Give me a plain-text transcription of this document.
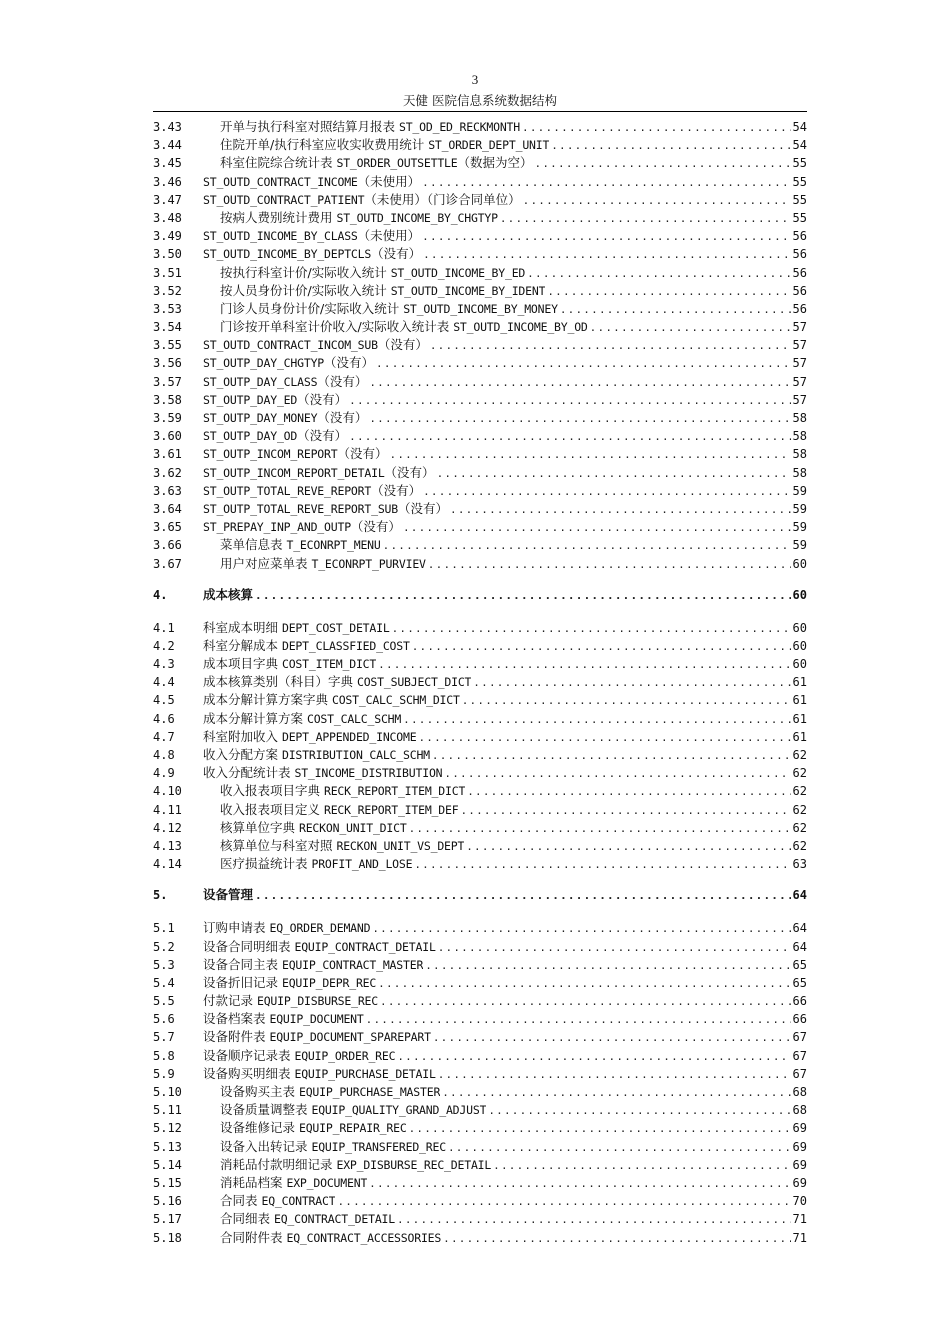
3
天健 医院信息系统数据结构
3.43	开单与执行科室对照结算月报表 ST_OD_ED_RECKMONTH .....	54
3.44	住院开单/执行科室应收实收费用统计 ST_ORDER_DEPT_UNIT .....	54
3.45	科室住院综合统计表 ST_ORDER_OUTSETTLE（数据为空） .....	55
3.46	ST_OUTD_CONTRACT_INCOME（未使用） .....	55
3.47	ST_OUTD_CONTRACT_PATIENT（未使用）（门诊合同单位） .....	55
3.48	按病人费别统计费用 ST_OUTD_INCOME_BY_CHGTYP .....	55
3.49	ST_OUTD_INCOME_BY_CLASS（未使用） .....	56
3.50	ST_OUTD_INCOME_BY_DEPTCLS（没有） .....	56
3.51	按执行科室计价/实际收入统计 ST_OUTD_INCOME_BY_ED .....	56
3.52	按人员身份计价/实际收入统计 ST_OUTD_INCOME_BY_IDENT .....	56
3.53	门诊人员身份计价/实际收入统计 ST_OUTD_INCOME_BY_MONEY .....	56
3.54	门诊按开单科室计价收入/实际收入统计表 ST_OUTD_INCOME_BY_OD .....	57
3.55	ST_OUTD_CONTRACT_INCOM_SUB（没有） .....	57
3.56	ST_OUTP_DAY_CHGTYP（没有） .....	57
3.57	ST_OUTP_DAY_CLASS（没有） .....	57
3.58	ST_OUTP_DAY_ED（没有） .....	57
3.59	ST_OUTP_DAY_MONEY（没有） .....	58
3.60	ST_OUTP_DAY_OD（没有） .....	58
3.61	ST_OUTP_INCOM_REPORT（没有） .....	58
3.62	ST_OUTP_INCOM_REPORT_DETAIL（没有） .....	58
3.63	ST_OUTP_TOTAL_REVE_REPORT（没有） .....	59
3.64	ST_OUTP_TOTAL_REVE_REPORT_SUB（没有） .....	59
3.65	ST_PREPAY_INP_AND_OUTP（没有） .....	59
3.66	菜单信息表 T_ECONRPT_MENU .....	59
3.67	用户对应菜单表 T_ECONRPT_PURVIEV .....	60
4.	成本核算 .....	60
4.1	科室成本明细 DEPT_COST_DETAIL .....	60
4.2	科室分解成本 DEPT_CLASSFIED_COST .....	60
4.3	成本项目字典 COST_ITEM_DICT .....	60
4.4	成本核算类别（科目）字典 COST_SUBJECT_DICT .....	61
4.5	成本分解计算方案字典 COST_CALC_SCHM_DICT .....	61
4.6	成本分解计算方案 COST_CALC_SCHM .....	61
4.7	科室附加收入 DEPT_APPENDED_INCOME .....	61
4.8	收入分配方案 DISTRIBUTION_CALC_SCHM .....	62
4.9	收入分配统计表 ST_INCOME_DISTRIBUTION .....	62
4.10	收入报表项目字典 RECK_REPORT_ITEM_DICT .....	62
4.11	收入报表项目定义 RECK_REPORT_ITEM_DEF .....	62
4.12	核算单位字典 RECKON_UNIT_DICT .....	62
4.13	核算单位与科室对照 RECKON_UNIT_VS_DEPT .....	62
4.14	医疗损益统计表 PROFIT_AND_LOSE .....	63
5.	设备管理 .....	64
5.1	订购申请表 EQ_ORDER_DEMAND .....	64
5.2	设备合同明细表 EQUIP_CONTRACT_DETAIL .....	64
5.3	设备合同主表 EQUIP_CONTRACT_MASTER .....	65
5.4	设备折旧记录 EQUIP_DEPR_REC .....	65
5.5	付款记录 EQUIP_DISBURSE_REC .....	66
5.6	设备档案表 EQUIP_DOCUMENT .....	66
5.7	设备附件表 EQUIP_DOCUMENT_SPAREPART .....	67
5.8	设备顺序记录表 EQUIP_ORDER_REC .....	67
5.9	设备购买明细表 EQUIP_PURCHASE_DETAIL .....	67
5.10	设备购买主表 EQUIP_PURCHASE_MASTER .....	68
5.11	设备质量调整表 EQUIP_QUALITY_GRAND_ADJUST .....	68
5.12	设备维修记录 EQUIP_REPAIR_REC .....	69
5.13	设备入出转记录 EQUIP_TRANSFERED_REC .....	69
5.14	消耗品付款明细记录 EXP_DISBURSE_REC_DETAIL .....	69
5.15	消耗品档案 EXP_DOCUMENT .....	69
5.16	合同表 EQ_CONTRACT .....	70
5.17	合同细表 EQ_CONTRACT_DETAIL .....	71
5.18	合同附件表 EQ_CONTRACT_ACCESSORIES .....	71
